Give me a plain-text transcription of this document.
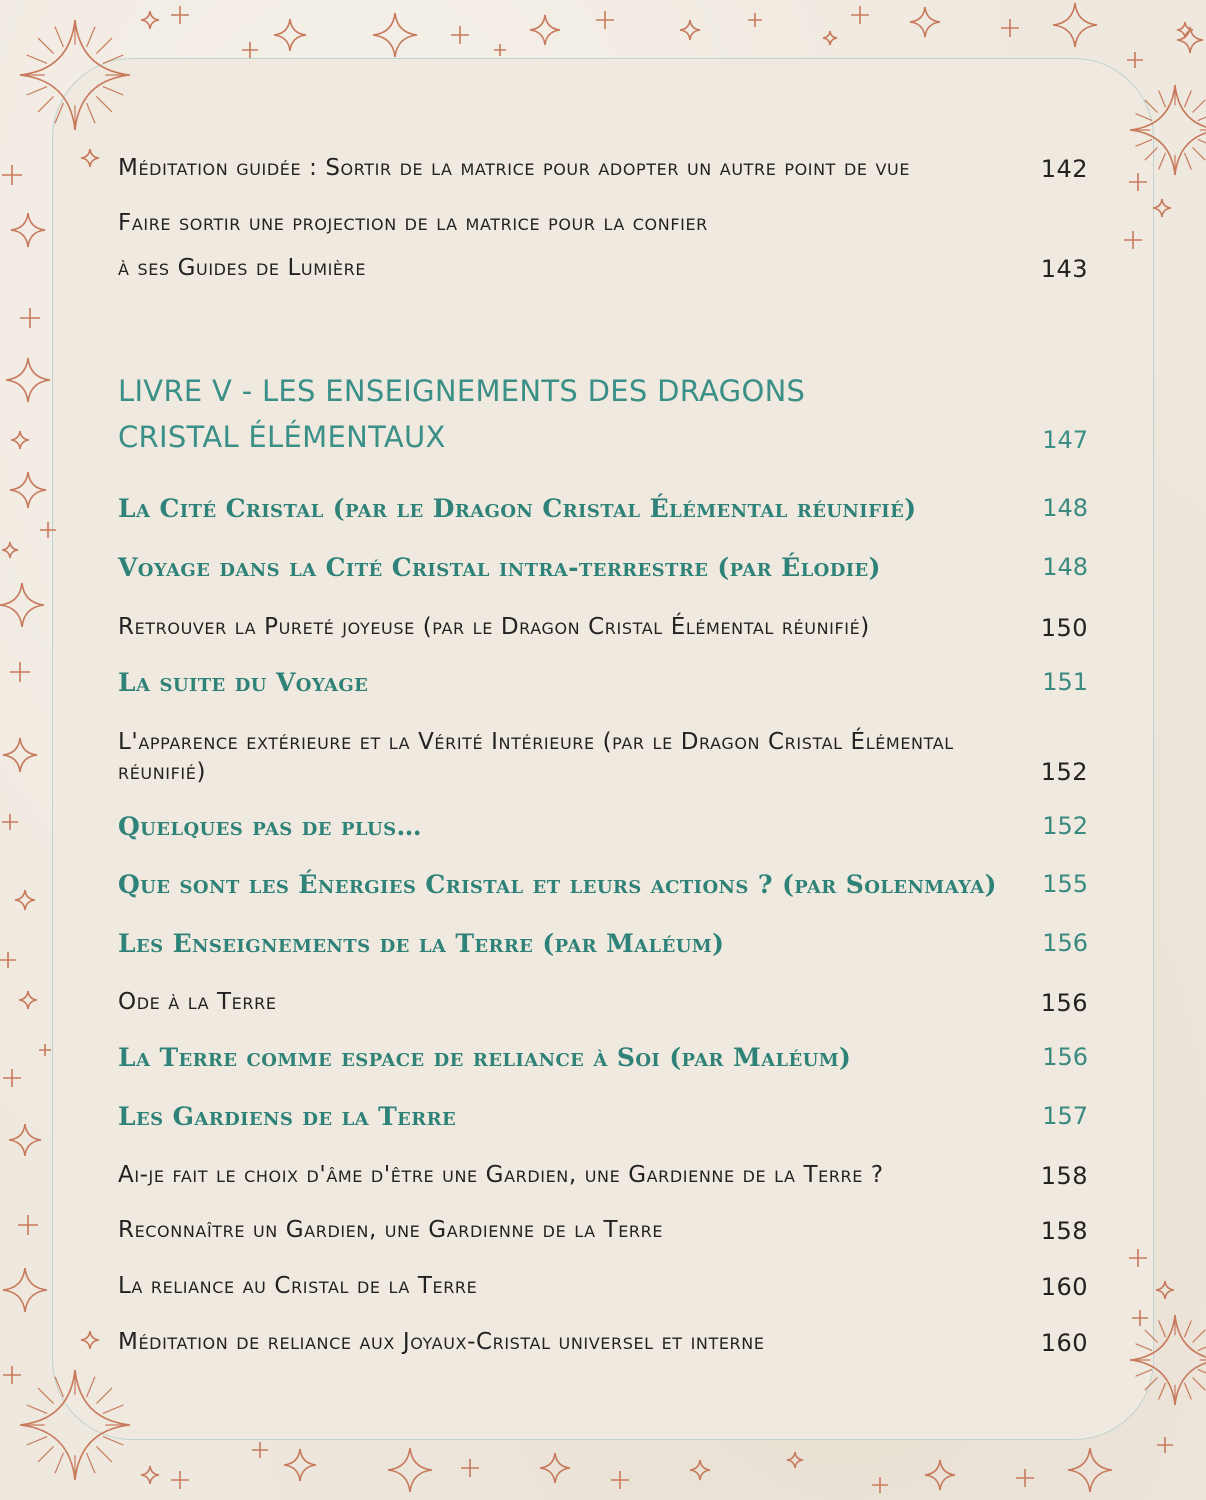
Méditation guidée : Sortir de la matrice pour adopter un autre point de vue	142
Faire sortir une projection de la matrice pour la confier
à ses Guides de Lumière	143
LIVRE V - LES ENSEIGNEMENTS DES DRAGONS
CRISTAL ÉLÉMENTAUX	147
La Cité Cristal (par le Dragon Cristal Élémental réunifié)	148
Voyage dans la Cité Cristal intra-terrestre (par Élodie)	148
Retrouver la Pureté joyeuse (par le Dragon Cristal Élémental réunifié)	150
La suite du Voyage	151
L'apparence extérieure et la Vérité Intérieure (par le Dragon Cristal Élémental
réunifié)	152
Quelques pas de plus…	152
Que sont les Énergies Cristal et leurs actions ? (par Solenmaya) 155
Les Enseignements de la Terre (par Maléum)	156
Ode à la Terre	156
La Terre comme espace de reliance à Soi (par Maléum)	156
Les Gardiens de la Terre	157
Ai-je fait le choix d'âme d'être une Gardien, une Gardienne de la Terre ?	158
Reconnaître un Gardien, une Gardienne de la Terre	158
La reliance au Cristal de la Terre	160
Méditation de reliance aux Joyaux-Cristal universel et interne	160
